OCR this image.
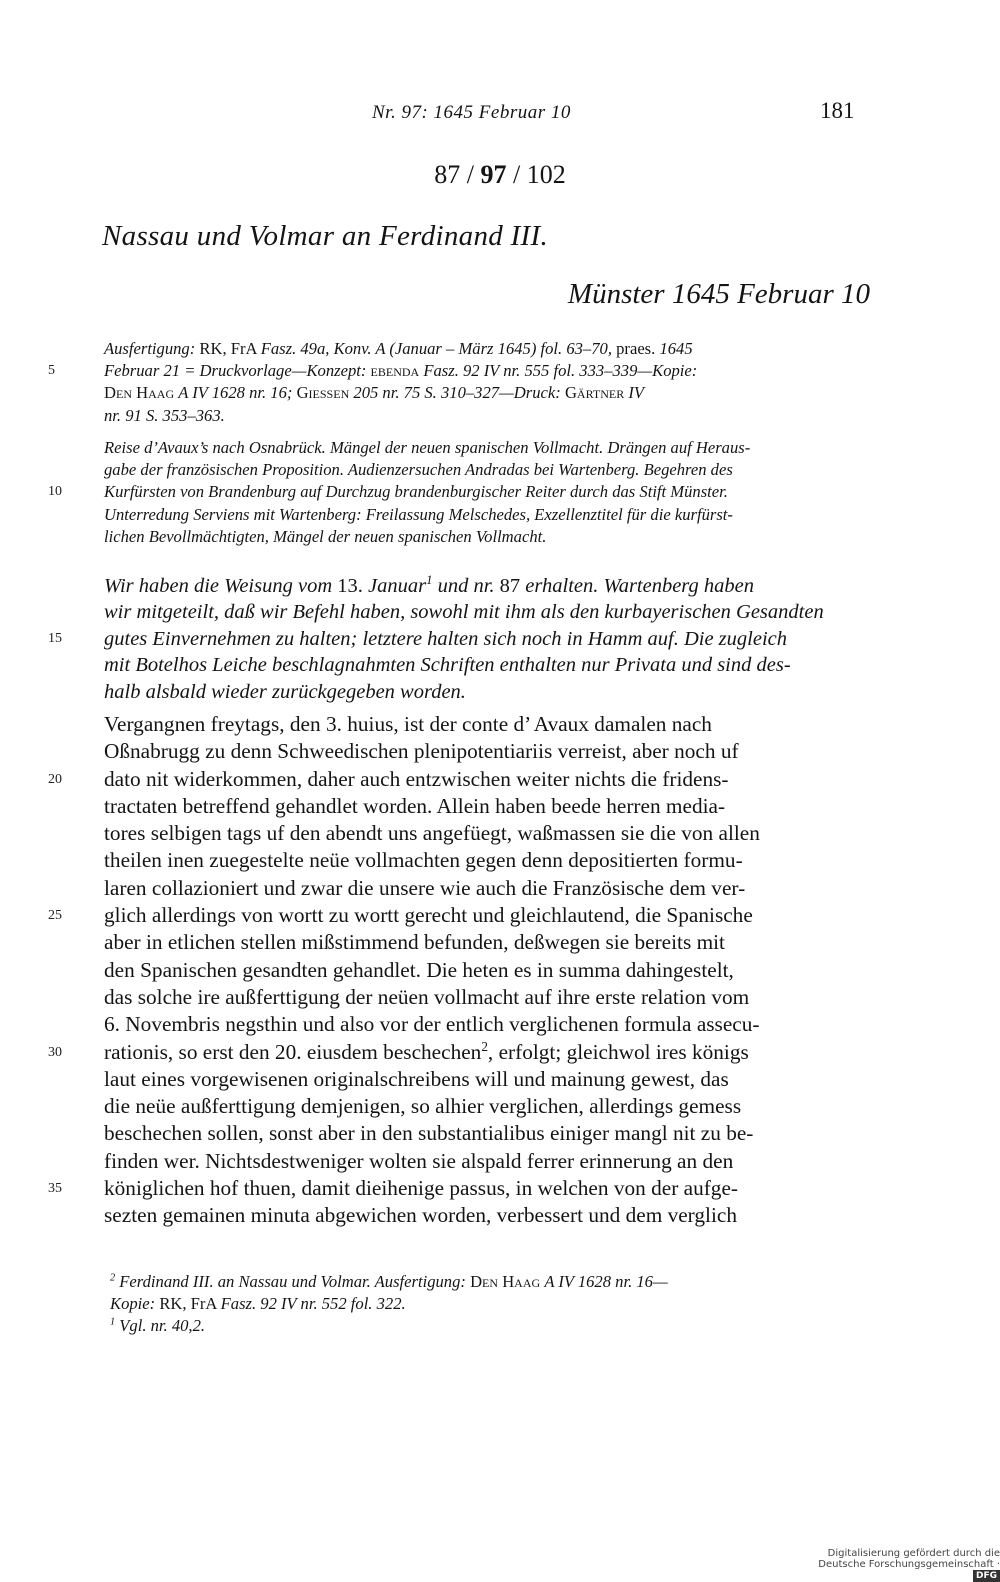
Nr. 97: 1645 Februar 10	181
87 / 97 / 102
Nassau und Volmar an Ferdinand III.
Münster 1645 Februar 10
Ausfertigung: RK, FrA Fasz. 49a, Konv. A (Januar – März 1645) fol. 63–70, praes. 1645
5	Februar 21 = Druckvorlage—Konzept: ebenda Fasz. 92 IV nr. 555 fol. 333–339—Kopie:
Den Haag A IV 1628 nr. 16; Giessen 205 nr. 75 S. 310–327—Druck: Gärtner IV
nr. 91 S. 353–363.
Reise d’Avaux’s nach Osnabrück. Mängel der neuen spanischen Vollmacht. Drängen auf Heraus-
gabe der französischen Proposition. Audienzersuchen Andradas bei Wartenberg. Begehren des
10	Kurfürsten von Brandenburg auf Durchzug brandenburgischer Reiter durch das Stift Münster.
Unterredung Serviens mit Wartenberg: Freilassung Melschedes, Exzellenztitel für die kurfürst-
lichen Bevollmächtigten, Mängel der neuen spanischen Vollmacht.
Wir haben die Weisung vom 13. Januar$^1$ und nr. 87 erhalten. Wartenberg haben
wir mitgeteilt, daß wir Befehl haben, sowohl mit ihm als den kurbayerischen Gesandten
15 gutes Einvernehmen zu halten; letztere halten sich noch in Hamm auf. Die zugleich
mit Botelhos Leiche beschlagnahmten Schriften enthalten nur Privata und sind des-
halb alsbald wieder zurückgegeben worden.
Vergangnen freytags, den 3. huius, ist der conte d’ Avaux damalen nach
Oßnabrugg zu denn Schweedischen plenipotentiariis verreist, aber noch uf
20 dato nit widerkommen, daher auch entzwischen weiter nichts die fridens-
tractaten betreffend gehandlet worden. Allein haben beede herren media-
tores selbigen tags uf den abendt uns angefüegt, waßmassen sie die von allen
theilen inen zuegestelte neüe vollmachten gegen denn depositierten formu-
laren collazioniert und zwar die unsere wie auch die Französische dem ver-
25 glich allerdings von wortt zu wortt gerecht und gleichlautend, die Spanische
aber in etlichen stellen mißstimmend befunden, deßwegen sie bereits mit
den Spanischen gesandten gehandlet. Die heten es in summa dahingestelt,
das solche ire außferttigung der neüen vollmacht auf ihre erste relation vom
6. Novembris negsthin und also vor der entlich verglichenen formula assecu-
30 rationis, so erst den 20. eiusdem beschechen$^2$, erfolgt; gleichwol ires königs
laut eines vorgewisenen originalschreibens will und mainung gewest, das
die neüe außferttigung demjenigen, so alhier verglichen, allerdings gemess
beschechen sollen, sonst aber in den substantialibus einiger mangl nit zu be-
finden wer. Nichtsdestweniger wolten sie alspald ferrer erinnerung an den
35 königlichen hof thuen, damit dieihenige passus, in welchen von der aufge-
sezten gemainen minuta abgewichen worden, verbessert und dem verglich
$^2$ Ferdinand III. an Nassau und Volmar. Ausfertigung: Den Haag A IV 1628 nr. 16—
Kopie: RK, FrA Fasz. 92 IV nr. 552 fol. 322.
$^1$ Vgl. nr. 40,2.
Digitalisierung gefördert durch die Deutsche Forschungsgemeinschaft ·DFG
